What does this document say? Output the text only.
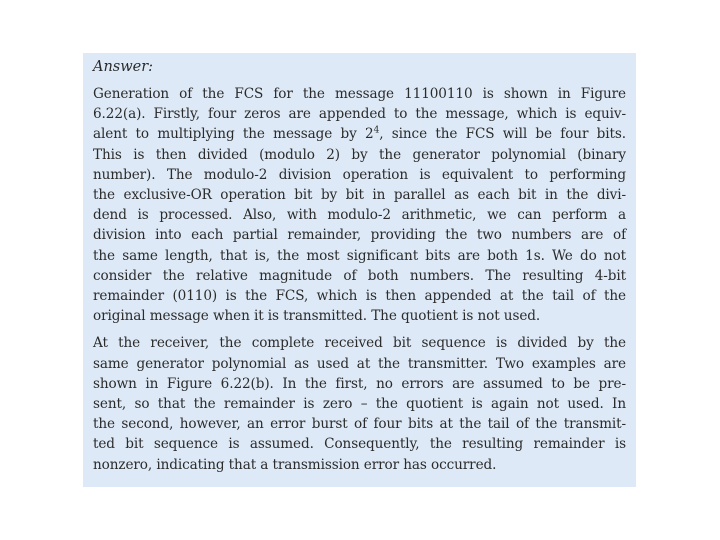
Answer:
Generation of the FCS for the message 11100110 is shown in Figure
6.22(a). Firstly, four zeros are appended to the message, which is equiv-
alent to multiplying the message by $2^4$, since the FCS will be four bits.
This is then divided (modulo 2) by the generator polynomial (binary
number). The modulo-2 division operation is equivalent to performing
the exclusive-OR operation bit by bit in parallel as each bit in the divi-
dend is processed. Also, with modulo-2 arithmetic, we can perform a
division into each partial remainder, providing the two numbers are of
the same length, that is, the most significant bits are both 1s. We do not
consider the relative magnitude of both numbers. The resulting 4-bit
remainder (0110) is the FCS, which is then appended at the tail of the
original message when it is transmitted. The quotient is not used.
At the receiver, the complete received bit sequence is divided by the
same generator polynomial as used at the transmitter. Two examples are
shown in Figure 6.22(b). In the first, no errors are assumed to be pre-
sent, so that the remainder is zero – the quotient is again not used. In
the second, however, an error burst of four bits at the tail of the transmit-
ted bit sequence is assumed. Consequently, the resulting remainder is
nonzero, indicating that a transmission error has occurred.
